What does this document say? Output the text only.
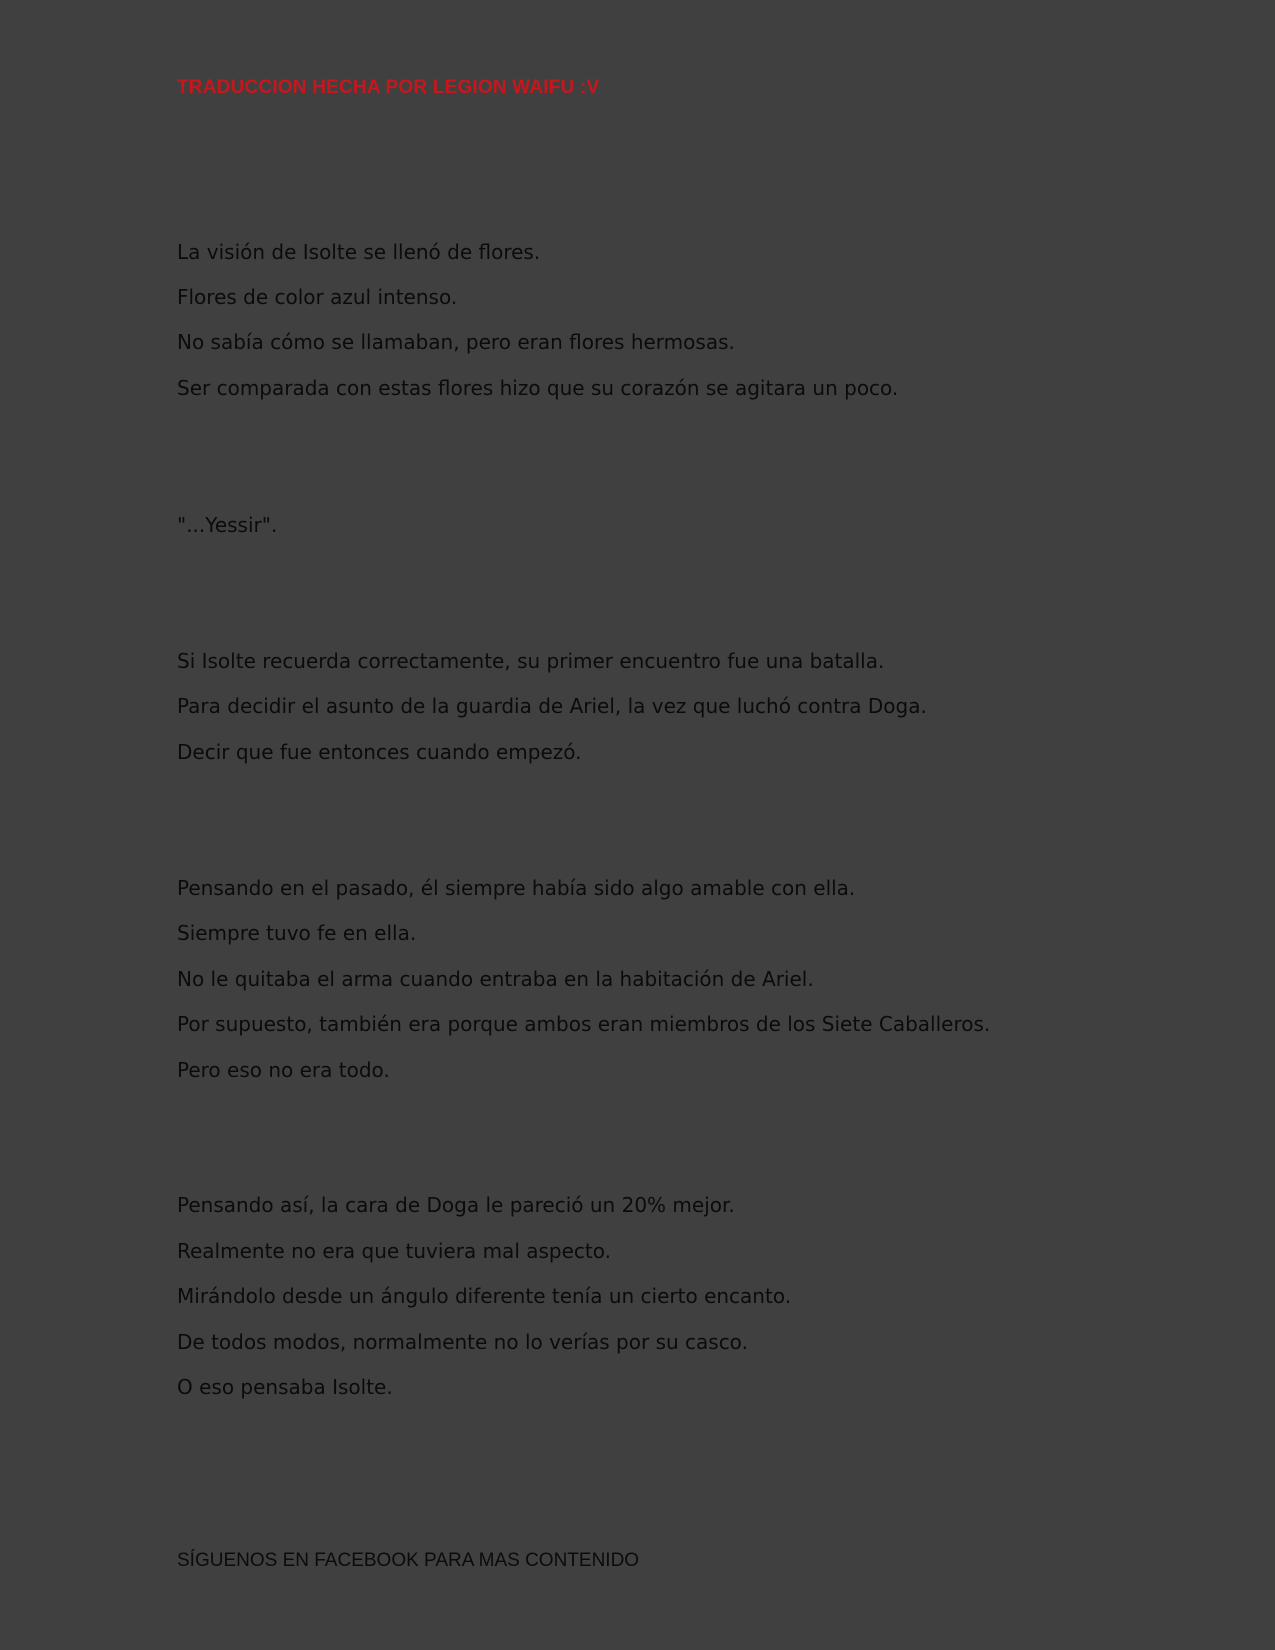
TRADUCCION HECHA POR LEGION WAIFU :V
La visión de Isolte se llenó de flores.
Flores de color azul intenso.
No sabía cómo se llamaban, pero eran flores hermosas.
Ser comparada con estas flores hizo que su corazón se agitara un poco.
"...Yessir".
Si Isolte recuerda correctamente, su primer encuentro fue una batalla.
Para decidir el asunto de la guardia de Ariel, la vez que luchó contra Doga.
Decir que fue entonces cuando empezó.
Pensando en el pasado, él siempre había sido algo amable con ella.
Siempre tuvo fe en ella.
No le quitaba el arma cuando entraba en la habitación de Ariel.
Por supuesto, también era porque ambos eran miembros de los Siete Caballeros.
Pero eso no era todo.
Pensando así, la cara de Doga le pareció un 20% mejor.
Realmente no era que tuviera mal aspecto.
Mirándolo desde un ángulo diferente tenía un cierto encanto.
De todos modos, normalmente no lo verías por su casco.
O eso pensaba Isolte.
SÍGUENOS EN FACEBOOK PARA MAS CONTENIDO
